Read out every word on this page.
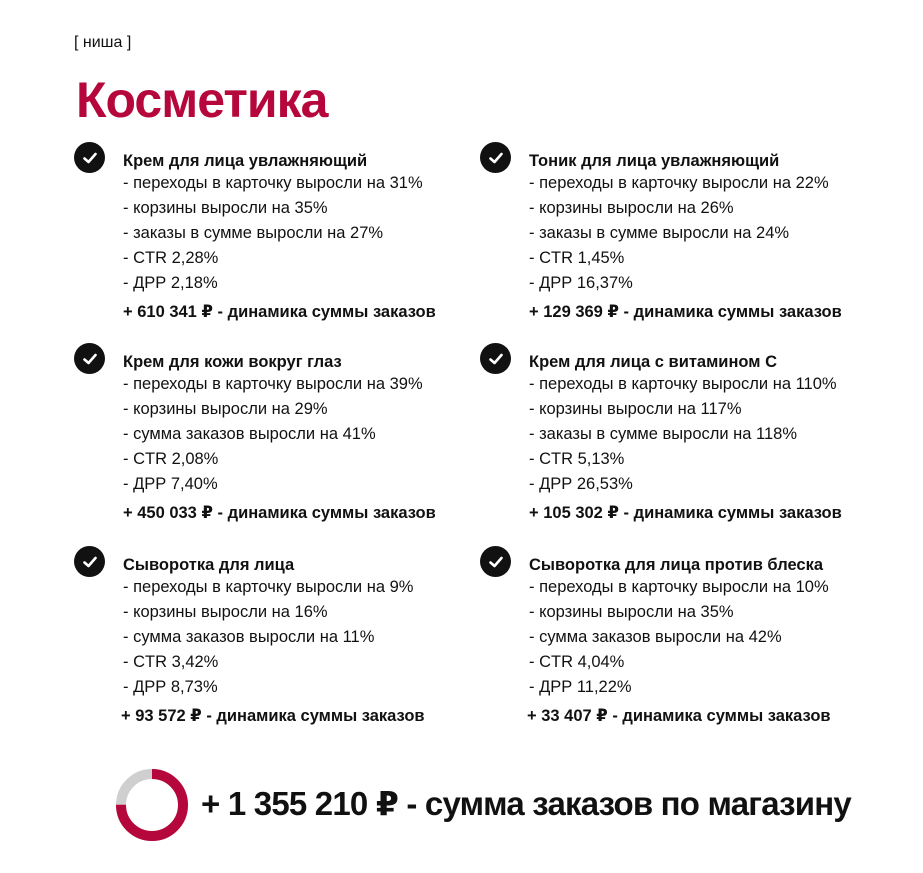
[ ниша ]
Косметика
Крем для лица увлажняющий
- переходы в карточку выросли на 31%
- корзины выросли на 35%
- заказы в сумме выросли на 27%
- CTR 2,28%
- ДРР 2,18%
+ 610 341 ₽ - динамика суммы заказов
Тоник для лица увлажняющий
- переходы в карточку выросли на 22%
- корзины выросли на 26%
- заказы в сумме выросли на 24%
- CTR 1,45%
- ДРР 16,37%
+ 129 369 ₽ - динамика суммы заказов
Крем для кожи вокруг глаз
- переходы в карточку выросли на 39%
- корзины выросли на 29%
- сумма заказов выросли на 41%
- CTR 2,08%
- ДРР 7,40%
+ 450 033 ₽ - динамика суммы заказов
Крем для лица с витамином С
- переходы в карточку выросли на 110%
- корзины выросли на 117%
- заказы в сумме выросли на 118%
- CTR 5,13%
- ДРР 26,53%
+ 105 302 ₽ - динамика суммы заказов
Сыворотка для лица
- переходы в карточку выросли на 9%
- корзины выросли на 16%
- сумма заказов выросли на 11%
- CTR 3,42%
- ДРР 8,73%
+ 93 572 ₽ - динамика суммы заказов
Сыворотка для лица против блеска
- переходы в карточку выросли на 10%
- корзины выросли на 35%
- сумма заказов выросли на 42%
- CTR 4,04%
- ДРР 11,22%
+ 33 407 ₽ - динамика суммы заказов
+ 1 355 210 ₽ - сумма заказов по магазину
